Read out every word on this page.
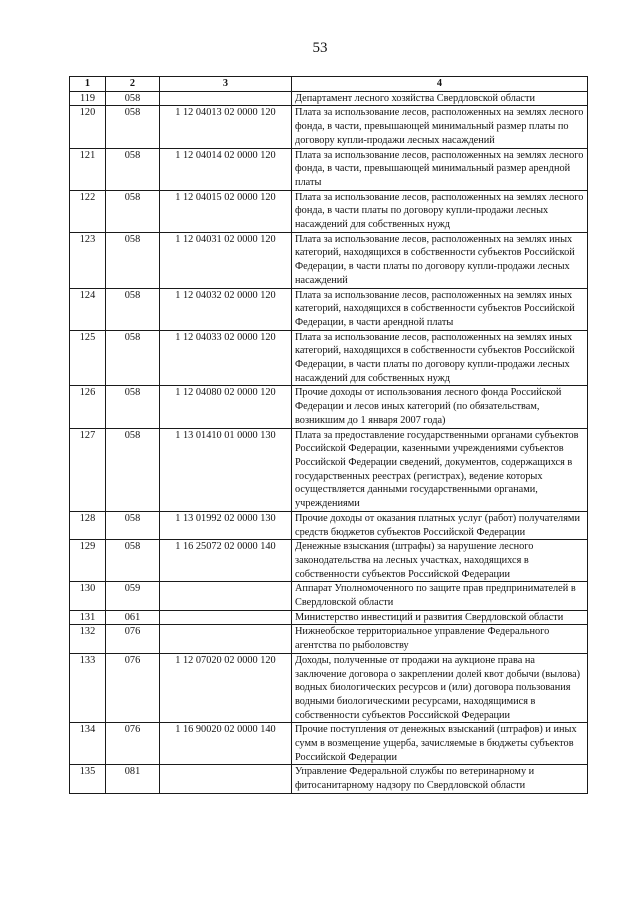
53
1	2	3	4
119	058		Департамент лесного хозяйства Свердловской области
120	058	1 12 04013 02 0000 120	Плата за использование лесов, расположенных на землях лесного фонда, в части, превышающей минимальный размер платы по договору купли-продажи лесных насаждений
121	058	1 12 04014 02 0000 120	Плата за использование лесов, расположенных на землях лесного фонда, в части, превышающей минимальный размер арендной платы
122	058	1 12 04015 02 0000 120	Плата за использование лесов, расположенных на землях лесного фонда, в части платы по договору купли-продажи лесных насаждений для собственных нужд
123	058	1 12 04031 02 0000 120	Плата за использование лесов, расположенных на землях иных категорий, находящихся в собственности субъектов Российской Федерации, в части платы по договору купли-продажи лесных насаждений
124	058	1 12 04032 02 0000 120	Плата за использование лесов, расположенных на землях иных категорий, находящихся в собственности субъектов Российской Федерации, в части арендной платы
125	058	1 12 04033 02 0000 120	Плата за использование лесов, расположенных на землях иных категорий, находящихся в собственности субъектов Российской Федерации, в части платы по договору купли-продажи лесных насаждений для собственных нужд
126	058	1 12 04080 02 0000 120	Прочие доходы от использования лесного фонда Российской Федерации и лесов иных категорий (по обязательствам, возникшим до 1 января 2007 года)
127	058	1 13 01410 01 0000 130	Плата за предоставление государственными органами субъектов Российской Федерации, казенными учреждениями субъектов Российской Федерации сведений, документов, содержащихся в государственных реестрах (регистрах), ведение которых осуществляется данными государственными органами, учреждениями
128	058	1 13 01992 02 0000 130	Прочие доходы от оказания платных услуг (работ) получателями средств бюджетов субъектов Российской Федерации
129	058	1 16 25072 02 0000 140	Денежные взыскания (штрафы) за нарушение лесного законодательства на лесных участках, находящихся в собственности субъектов Российской Федерации
130	059		Аппарат Уполномоченного по защите прав предпринимателей в Свердловской области
131	061		Министерство инвестиций и развития Свердловской области
132	076		Нижнеобское территориальное управление Федерального агентства по рыболовству
133	076	1 12 07020 02 0000 120	Доходы, полученные от продажи на аукционе права на заключение договора о закреплении долей квот добычи (вылова) водных биологических ресурсов и (или) договора пользования водными биологическими ресурсами, находящимися в собственности субъектов Российской Федерации
134	076	1 16 90020 02 0000 140	Прочие поступления от денежных взысканий (штрафов) и иных сумм в возмещение ущерба, зачисляемые в бюджеты субъектов Российской Федерации
135	081		Управление Федеральной службы по ветеринарному и фитосанитарному надзору по Свердловской области
